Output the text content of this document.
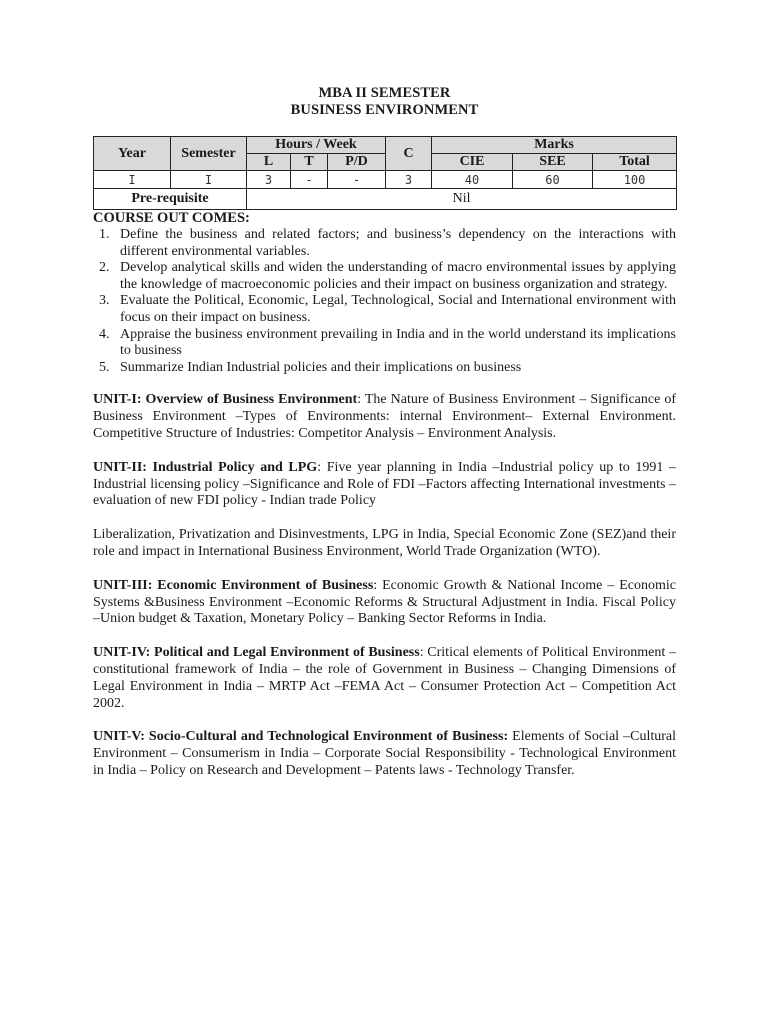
MBA II SEMESTER
BUSINESS ENVIRONMENT
Year	Semester	Hours / Week			C	Marks		
		L	T	P/D		CIE	SEE	Total
I	I	3	-	-	3	40	60	100
Pre-requisite		Nil						
COURSE OUT COMES:
1. Define the business and related factors; and business’s dependency on the interactions with different environmental variables.
2. Develop analytical skills and widen the understanding of macro environmental issues by applying the knowledge of macroeconomic policies and their impact on business organization and strategy.
3. Evaluate the Political, Economic, Legal, Technological, Social and International environment with focus on their impact on business.
4. Appraise the business environment prevailing in India and in the world understand its implications to business
5. Summarize Indian Industrial policies and their implications on business
UNIT-I: Overview of Business Environment: The Nature of Business Environment – Significance of Business Environment –Types of Environments: internal Environment– External Environment. Competitive Structure of Industries: Competitor Analysis – Environment Analysis.
UNIT-II: Industrial Policy and LPG: Five year planning in India –Industrial policy up to 1991 – Industrial licensing policy –Significance and Role of FDI –Factors affecting International investments –evaluation of new FDI policy - Indian trade Policy
Liberalization, Privatization and Disinvestments, LPG in India, Special Economic Zone (SEZ)and their role and impact in International Business Environment, World Trade Organization (WTO).
UNIT-III: Economic Environment of Business: Economic Growth & National Income – Economic Systems &Business Environment –Economic Reforms & Structural Adjustment in India. Fiscal Policy –Union budget & Taxation, Monetary Policy – Banking Sector Reforms in India.
UNIT-IV: Political and Legal Environment of Business: Critical elements of Political Environment – constitutional framework of India – the role of Government in Business – Changing Dimensions of Legal Environment in India – MRTP Act –FEMA Act – Consumer Protection Act – Competition Act 2002.
UNIT-V: Socio-Cultural and Technological Environment of Business: Elements of Social –Cultural Environment – Consumerism in India – Corporate Social Responsibility - Technological Environment in India – Policy on Research and Development – Patents laws - Technology Transfer.
